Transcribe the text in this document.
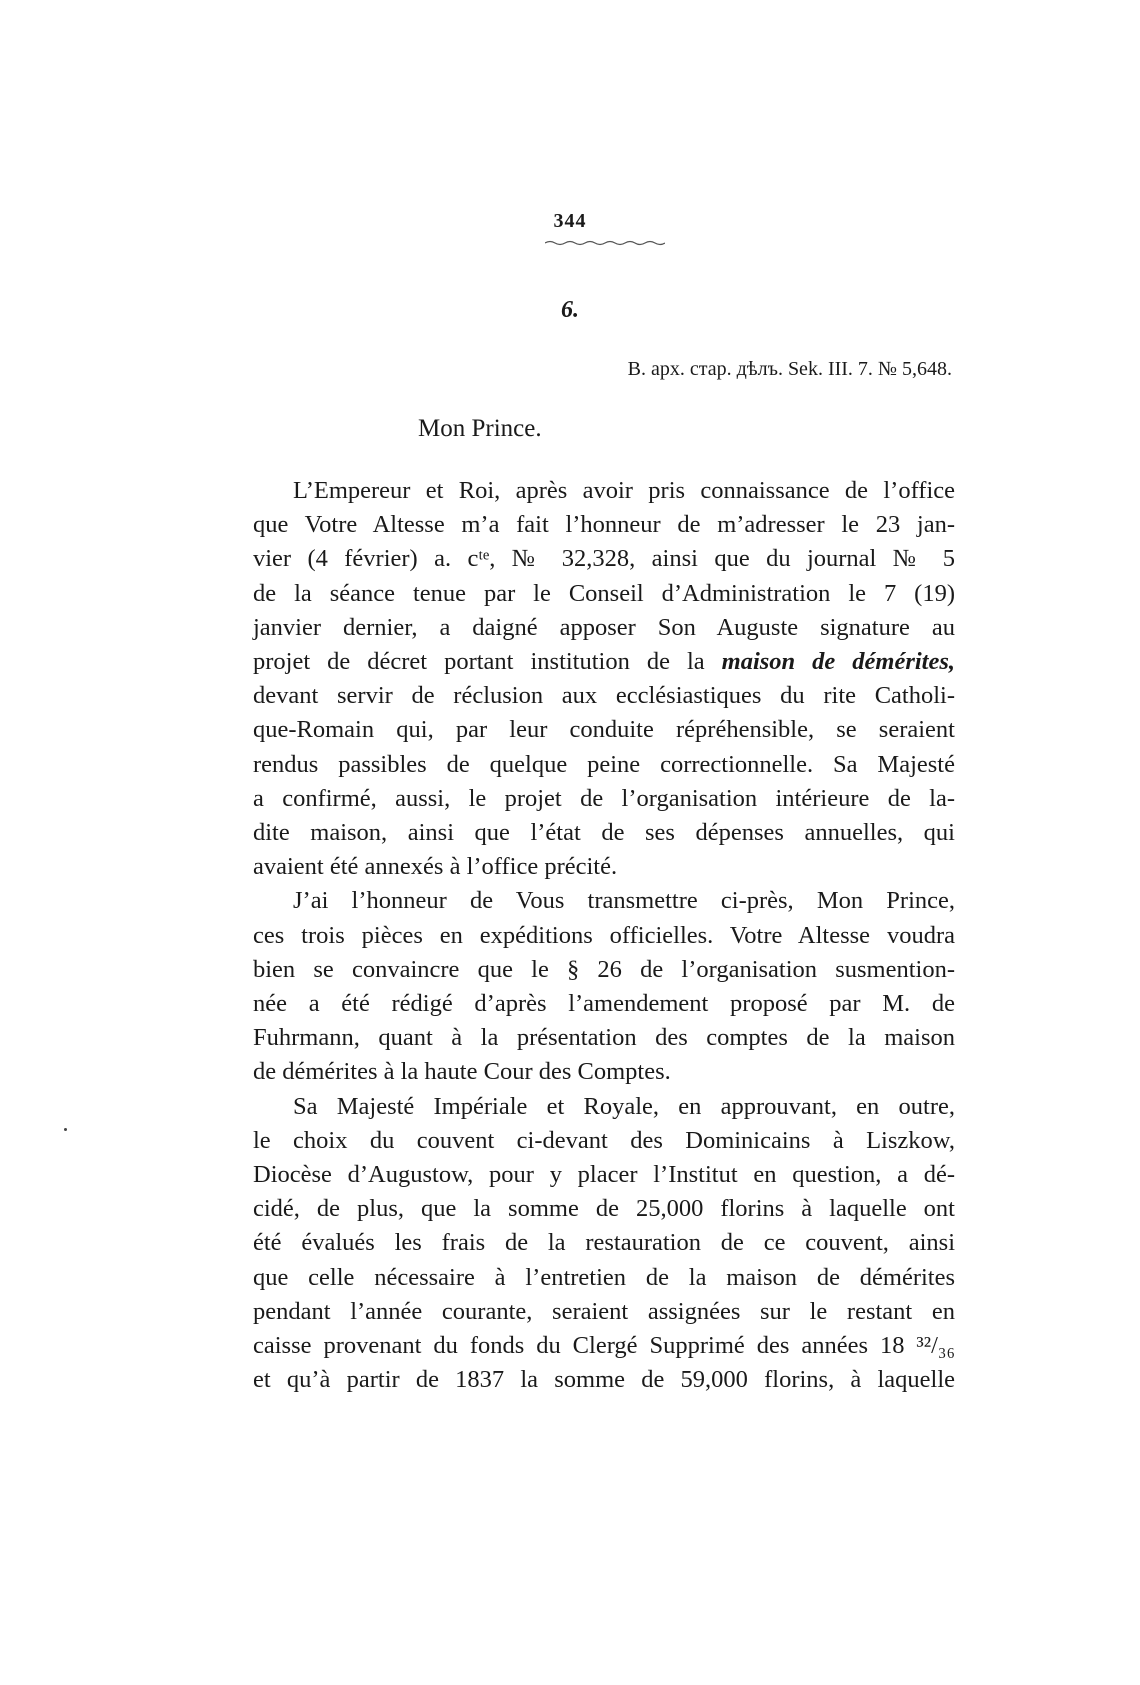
344
6.
В. арх. стар. дѣлъ. Sek. III. 7. № 5,648.
Mon Prince.
L’Empereur et Roi, après avoir pris connaissance de l’office
que Votre Altesse m’a fait l’honneur de m’adresser le 23 jan-
vier (4 février) a. cᵗᵉ, № 32,328, ainsi que du journal № 5
de la séance tenue par le Conseil d’Administration le 7 (19)
janvier dernier, a daigné apposer Son Auguste signature au
projet de décret portant institution de la maison de démérites,
devant servir de réclusion aux ecclésiastiques du rite Catholi-
que-Romain qui, par leur conduite répréhensible, se seraient
rendus passibles de quelque peine correctionnelle. Sa Majesté
a confirmé, aussi, le projet de l’organisation intérieure de la-
dite maison, ainsi que l’état de ses dépenses annuelles, qui
avaient été annexés à l’office précité.
J’ai l’honneur de Vous transmettre ci-près, Mon Prince,
ces trois pièces en expéditions officielles. Votre Altesse voudra
bien se convaincre que le § 26 de l’organisation susmention-
née a été rédigé d’après l’amendement proposé par M. de
Fuhrmann, quant à la présentation des comptes de la maison
de démérites à la haute Cour des Comptes.
Sa Majesté Impériale et Royale, en approuvant, en outre,
le choix du couvent ci-devant des Dominicains à Liszkow,
Diocèse d’Augustow, pour y placer l’Institut en question, a dé-
cidé, de plus, que la somme de 25,000 florins à laquelle ont
été évalués les frais de la restauration de ce couvent, ainsi
que celle nécessaire à l’entretien de la maison de démérites
pendant l’année courante, seraient assignées sur le restant en
caisse provenant du fonds du Clergé Supprimé des années 18 ³²/₃₆
et qu’à partir de 1837 la somme de 59,000 florins, à laquelle
